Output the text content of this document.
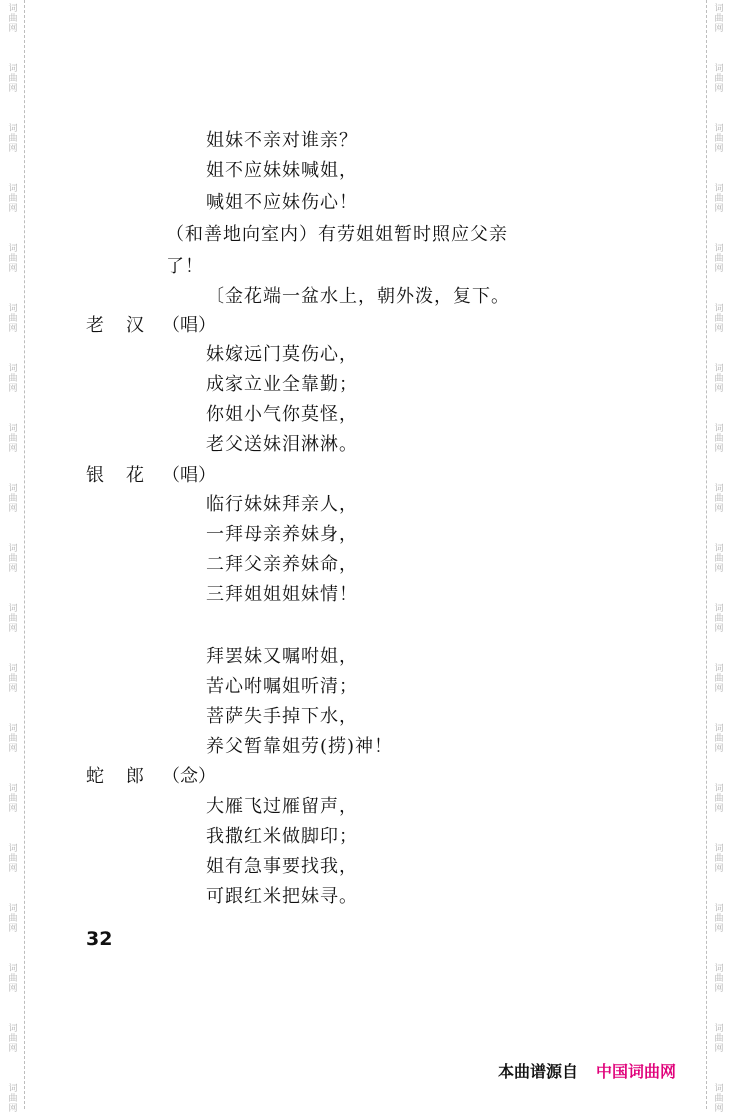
词
曲
网
词
曲
网
词
曲
网
词
曲
网
词
曲
网
词
曲
网
词
曲
网
词
曲
网
词
曲
网
词
曲
网
词
曲
网
词
曲
网
词
曲
网
词
曲
网
词
曲
网
词
曲
网
词
曲
网
词
曲
网
词
曲
网
词
曲
网
词
曲
网
词
曲
网
词
曲
网
词
曲
网
词
曲
网
词
曲
网
词
曲
网
词
曲
网
词
曲
网
词
曲
网
词
曲
网
词
曲
网
词
曲
网
词
曲
网
词
曲
网
词
曲
网
词
曲
网
词
曲
网
姐妹不亲对谁亲？
姐不应妹妹喊姐，
喊姐不应妹伤心！
（和善地向室内）有劳姐姐暂时照应父亲
了！
〔金花端一盆水上，朝外泼，复下。
老汉（唱）
妹嫁远门莫伤心，
成家立业全靠勤；
你姐小气你莫怪，
老父送妹泪淋淋。
银花（唱）
临行妹妹拜亲人，
一拜母亲养妹身，
二拜父亲养妹命，
三拜姐姐姐妹情！
拜罢妹又嘱咐姐，
苦心咐嘱姐听清；
菩萨失手掉下水，
养父暂靠姐劳(捞)神！
蛇郎（念）
大雁飞过雁留声，
我撒红米做脚印；
姐有急事要找我，
可跟红米把妹寻。
32
本曲谱源自 中国词曲网
